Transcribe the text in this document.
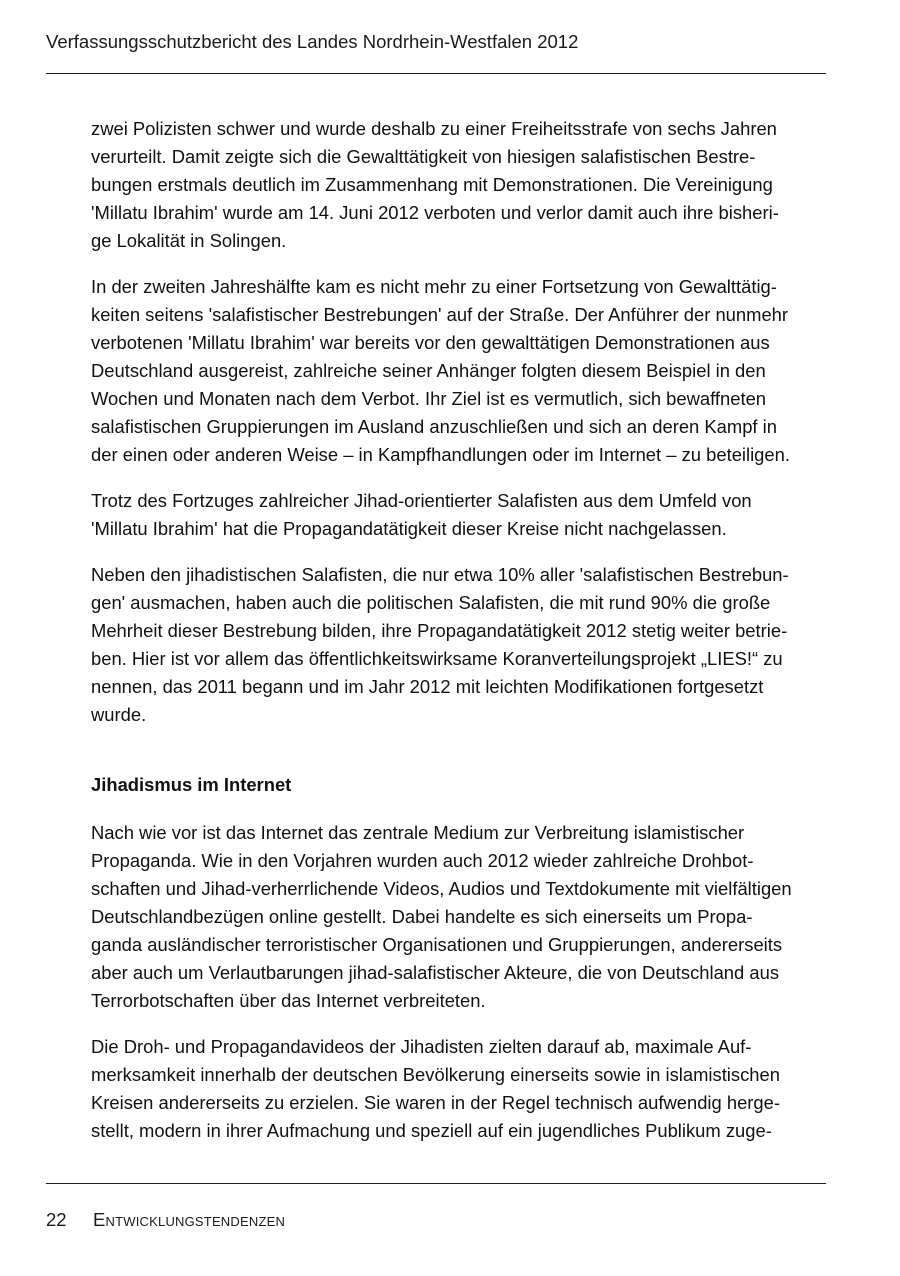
Verfassungsschutzbericht des Landes Nordrhein-Westfalen 2012

zwei Polizisten schwer und wurde deshalb zu einer Freiheitsstrafe von sechs Jahren
verurteilt. Damit zeigte sich die Gewalttätigkeit von hiesigen salafistischen Bestre-
bungen erstmals deutlich im Zusammenhang mit Demonstrationen. Die Vereinigung
'Millatu Ibrahim' wurde am 14. Juni 2012 verboten und verlor damit auch ihre bisheri-
ge Lokalität in Solingen.

In der zweiten Jahreshälfte kam es nicht mehr zu einer Fortsetzung von Gewalttätig-
keiten seitens 'salafistischer Bestrebungen' auf der Straße. Der Anführer der nunmehr
verbotenen 'Millatu Ibrahim' war bereits vor den gewalttätigen Demonstrationen aus
Deutschland ausgereist, zahlreiche seiner Anhänger folgten diesem Beispiel in den
Wochen und Monaten nach dem Verbot. Ihr Ziel ist es vermutlich, sich bewaffneten
salafistischen Gruppierungen im Ausland anzuschließen und sich an deren Kampf in
der einen oder anderen Weise – in Kampfhandlungen oder im Internet – zu beteiligen.

Trotz des Fortzuges zahlreicher Jihad-orientierter Salafisten aus dem Umfeld von
'Millatu Ibrahim' hat die Propagandatätigkeit dieser Kreise nicht nachgelassen.

Neben den jihadistischen Salafisten, die nur etwa 10% aller 'salafistischen Bestrebun-
gen' ausmachen, haben auch die politischen Salafisten, die mit rund 90% die große
Mehrheit dieser Bestrebung bilden, ihre Propagandatätigkeit 2012 stetig weiter betrie-
ben. Hier ist vor allem das öffentlichkeitswirksame Koranverteilungsprojekt „LIES!“ zu
nennen, das 2011 begann und im Jahr 2012 mit leichten Modifikationen fortgesetzt
wurde.

Jihadismus im Internet

Nach wie vor ist das Internet das zentrale Medium zur Verbreitung islamistischer
Propaganda. Wie in den Vorjahren wurden auch 2012 wieder zahlreiche Drohbot-
schaften und Jihad-verherrlichende Videos, Audios und Textdokumente mit vielfältigen
Deutschlandbezügen online gestellt. Dabei handelte es sich einerseits um Propa-
ganda ausländischer terroristischer Organisationen und Gruppierungen, andererseits
aber auch um Verlautbarungen jihad-salafistischer Akteure, die von Deutschland aus
Terrorbotschaften über das Internet verbreiteten.

Die Droh- und Propagandavideos der Jihadisten zielten darauf ab, maximale Auf-
merksamkeit innerhalb der deutschen Bevölkerung einerseits sowie in islamistischen
Kreisen andererseits zu erzielen. Sie waren in der Regel technisch aufwendig herge-
stellt, modern in ihrer Aufmachung und speziell auf ein jugendliches Publikum zuge-

22 Entwicklungstendenzen
